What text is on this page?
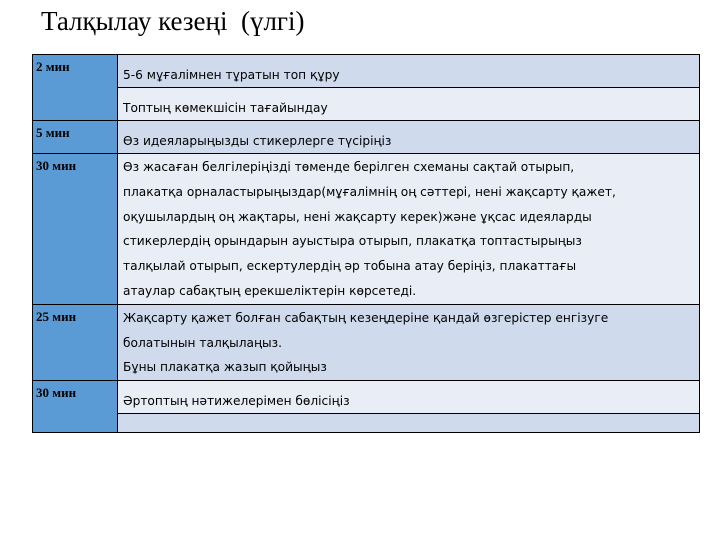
Талқылау кезеңі  (үлгі)
2 мин	5-6 мұғалімнен тұратын топ құру

	Топтың көмекшісін тағайындау

5 мин	Өз идеяларыңызды стикерлерге түсіріңіз

30 мин	Өз жасаған белгілеріңізді төменде берілген схеманы сақтай отырып,
плакатқа орналастырыңыздар(мұғалімнің оң сәттері, нені жақсарту қажет,
оқушылардың оң жақтары, нені жақсарту керек)және ұқсас идеяларды
стикерлердің орындарын ауыстыра отырып, плакатқа топтастырыңыз
талқылай отырып, ескертулердің әр тобына атау беріңіз, плакаттағы
атаулар сабақтың ерекшеліктерін көрсетеді.

25 мин	Жақсарту қажет болған сабақтың кезеңдеріне қандай өзгерістер енгізуге
болатынын талқылаңыз.
Бұны плакатқа жазып қойыңыз

30 мин	Әртоптың нәтижелерімен бөлісіңіз
